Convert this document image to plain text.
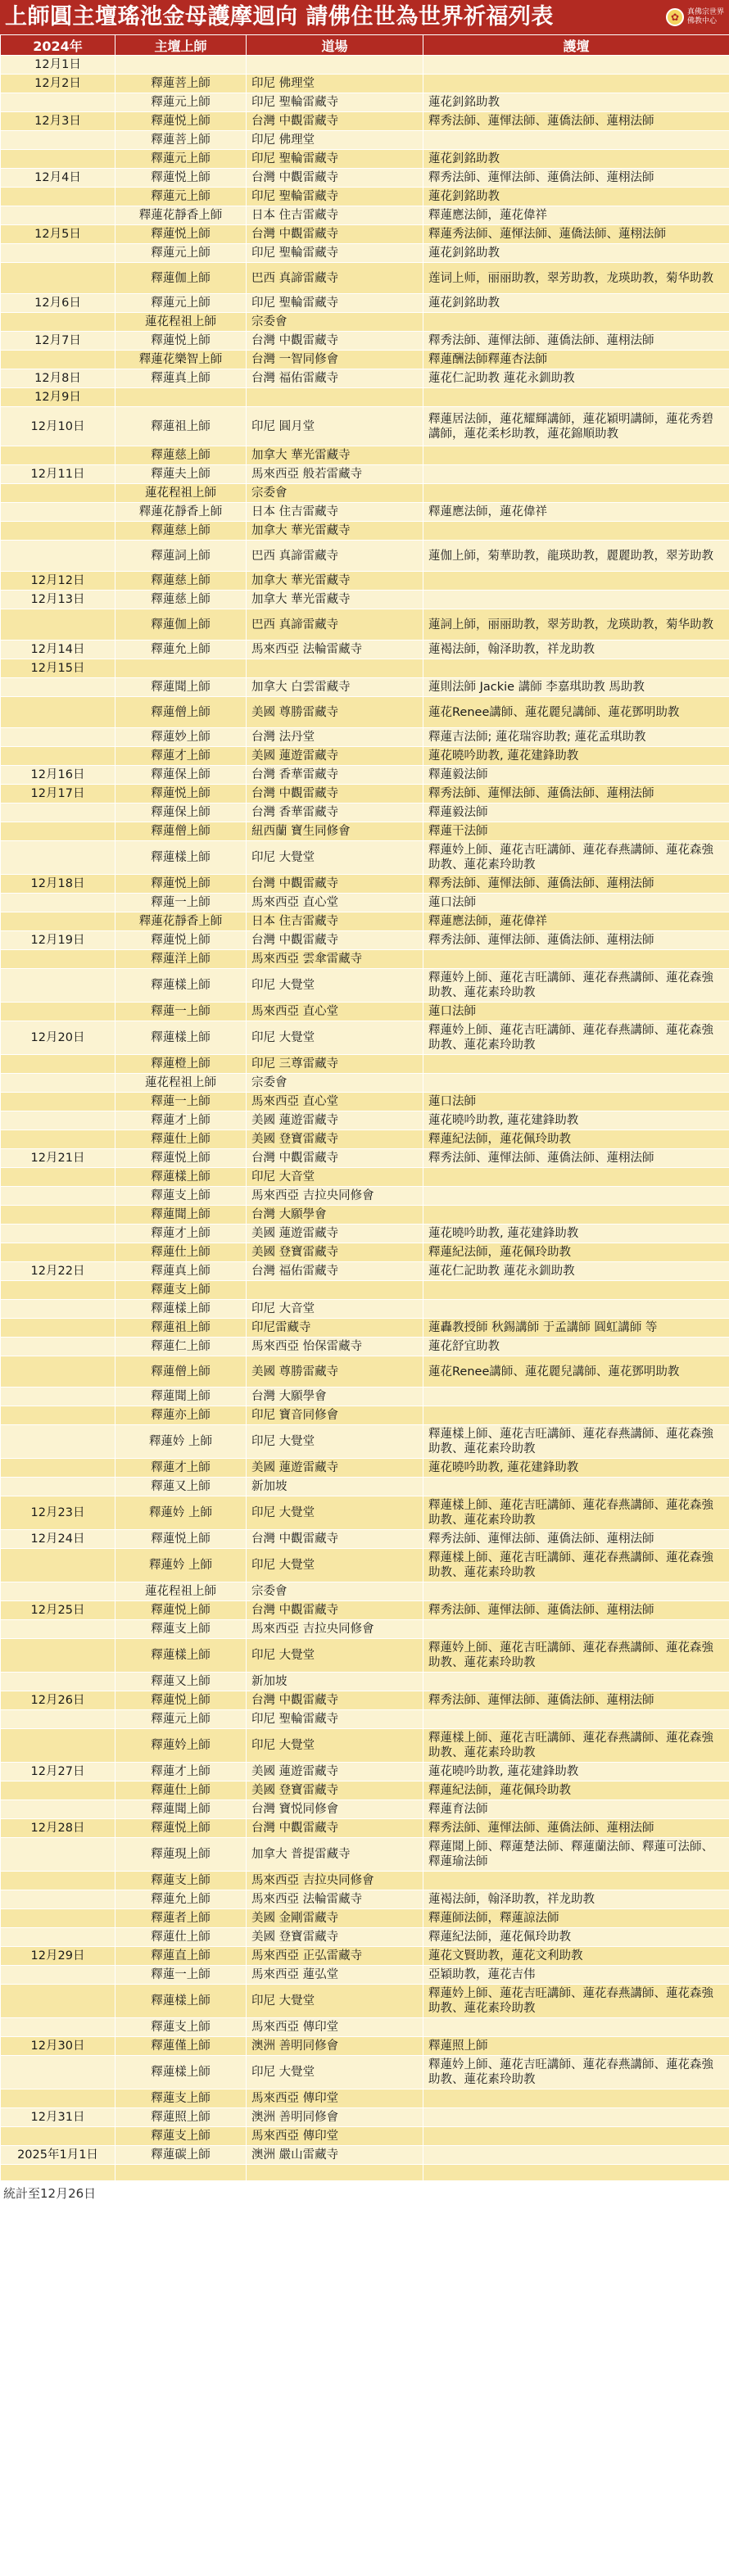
上師圓主壇瑤池金母護摩迴向 請佛住世為世界祈福列表	✿	真佛宗世界
佛教中心
2024年	主壇上師	道場	護壇
12月1日			
12月2日	釋蓮菩上師	印尼 佛理堂	
	釋蓮元上師	印尼 聖輪雷藏寺	蓮花釗銘助教
12月3日	釋蓮悦上師	台灣 中觀雷藏寺	釋秀法師、蓮惲法師、蓮僑法師、蓮栩法師
	釋蓮菩上師	印尼 佛理堂	
	釋蓮元上師	印尼 聖輪雷藏寺	蓮花釗銘助教
12月4日	釋蓮悦上師	台灣 中觀雷藏寺	釋秀法師、蓮惲法師、蓮僑法師、蓮栩法師
	釋蓮元上師	印尼 聖輪雷藏寺	蓮花釗銘助教
	釋蓮花靜香上師	日本 住吉雷藏寺	釋蓮應法師，蓮花偉祥
12月5日	釋蓮悦上師	台灣 中觀雷藏寺	釋蓮秀法師、蓮惲法師、蓮僑法師、蓮栩法師
	釋蓮元上師	印尼 聖輪雷藏寺	蓮花釗銘助教
	釋蓮伽上師	巴西 真諦雷藏寺	莲词上师，丽丽助教，翠芳助教，龙瑛助教，菊华助教
12月6日	釋蓮元上師	印尼 聖輪雷藏寺	蓮花釗銘助教
	蓮花程祖上師	宗委會	
12月7日	釋蓮悦上師	台灣 中觀雷藏寺	釋秀法師、蓮惲法師、蓮僑法師、蓮栩法師
	釋蓮花樂智上師	台灣 一智同修會	釋蓮酬法師釋蓮杏法師
12月8日	釋蓮真上師	台灣 福佑雷藏寺	蓮花仁記助教 蓮花永釧助教
12月9日			
12月10日	釋蓮祖上師	印尼 圓月堂	釋蓮居法師，蓮花耀輝講師，蓮花穎明講師，蓮花秀碧講師，蓮花柔杉助教，蓮花錦順助教
	釋蓮慈上師	加拿大 華光雷藏寺	
12月11日	釋蓮夫上師	馬來西亞 般若雷藏寺	
	蓮花程祖上師	宗委會	
	釋蓮花靜香上師	日本 住吉雷藏寺	釋蓮應法師，蓮花偉祥
	釋蓮慈上師	加拿大 華光雷藏寺	
	釋蓮詞上師	巴西 真諦雷藏寺	蓮伽上師，菊華助教，龍瑛助教，麗麗助教，翠芳助教
12月12日	釋蓮慈上師	加拿大 華光雷藏寺	
12月13日	釋蓮慈上師	加拿大 華光雷藏寺	
	釋蓮伽上師	巴西 真諦雷藏寺	蓮詞上師，丽丽助教，翠芳助教，龙瑛助教，菊华助教
12月14日	釋蓮允上師	馬來西亞 法輪雷藏寺	蓮褐法師，翰泽助教，祥龙助教
12月15日			
	釋蓮聞上師	加拿大 白雲雷藏寺	蓮則法師 Jackie 講師 李嘉琪助教 馬助教
	釋蓮僧上師	美國 尊勝雷藏寺	蓮花Renee講師、蓮花麗兒講師、蓮花鄧明助教
	釋蓮妙上師	台灣 法丹堂	釋蓮吉法師; 蓮花瑞容助教; 蓮花孟琪助教
	釋蓮才上師	美國 蓮遊雷藏寺	蓮花曉吟助教, 蓮花建鋒助教
12月16日	釋蓮保上師	台灣 香華雷藏寺	釋蓮毅法師
12月17日	釋蓮悦上師	台灣 中觀雷藏寺	釋秀法師、蓮惲法師、蓮僑法師、蓮栩法師
	釋蓮保上師	台灣 香華雷藏寺	釋蓮毅法師
	釋蓮僧上師	紐西蘭 寶生同修會	釋蓮干法師
	釋蓮樣上師	印尼 大覺堂	釋蓮妗上師、蓮花吉旺講師、蓮花春燕講師、蓮花森強助教、蓮花素玲助教
12月18日	釋蓮悦上師	台灣 中觀雷藏寺	釋秀法師、蓮惲法師、蓮僑法師、蓮栩法師
	釋蓮一上師	馬來西亞 直心堂	蓮口法師
	釋蓮花靜香上師	日本 住吉雷藏寺	釋蓮應法師，蓮花偉祥
12月19日	釋蓮悦上師	台灣 中觀雷藏寺	釋秀法師、蓮惲法師、蓮僑法師、蓮栩法師
	釋蓮洋上師	馬來西亞 雲傘雷藏寺	
	釋蓮樣上師	印尼 大覺堂	釋蓮妗上師、蓮花吉旺講師、蓮花春燕講師、蓮花森強助教、蓮花素玲助教
	釋蓮一上師	馬來西亞 直心堂	蓮口法師
12月20日	釋蓮樣上師	印尼 大覺堂	釋蓮妗上師、蓮花吉旺講師、蓮花春燕講師、蓮花森強助教、蓮花素玲助教
	釋蓮橙上師	印尼 三尊雷藏寺	
	蓮花程祖上師	宗委會	
	釋蓮一上師	馬來西亞 直心堂	蓮口法師
	釋蓮才上師	美國 蓮遊雷藏寺	蓮花曉吟助教, 蓮花建鋒助教
	釋蓮仕上師	美國 登寶雷藏寺	釋蓮紀法師，蓮花佩玲助教
12月21日	釋蓮悦上師	台灣 中觀雷藏寺	釋秀法師、蓮惲法師、蓮僑法師、蓮栩法師
	釋蓮樣上師	印尼 大音堂	
	釋蓮支上師	馬來西亞 吉拉央同修會	
	釋蓮聞上師	台灣 大願學會	
	釋蓮才上師	美國 蓮遊雷藏寺	蓮花曉吟助教, 蓮花建鋒助教
	釋蓮仕上師	美國 登寶雷藏寺	釋蓮紀法師，蓮花佩玲助教
12月22日	釋蓮真上師	台灣 福佑雷藏寺	蓮花仁記助教 蓮花永釧助教
	釋蓮支上師		
	釋蓮樣上師	印尼 大音堂	
	釋蓮祖上師	印尼雷藏寺	蓮轟教授師 秋錫講師 于孟講師 圓虹講師 等
	釋蓮仁上師	馬來西亞 怡保雷藏寺	蓮花舒宜助教
	釋蓮僧上師	美國 尊勝雷藏寺	蓮花Renee講師、蓮花麗兒講師、蓮花鄧明助教
	釋蓮聞上師	台灣 大願學會	
	釋蓮亦上師	印尼 寶音同修會	
	釋蓮妗 上師	印尼 大覺堂	釋蓮樣上師、蓮花吉旺講師、蓮花春燕講師、蓮花森強助教、蓮花素玲助教
	釋蓮才上師	美國 蓮遊雷藏寺	蓮花曉吟助教, 蓮花建鋒助教
	釋蓮又上師	新加坡	
12月23日	釋蓮妗 上師	印尼 大覺堂	釋蓮樣上師、蓮花吉旺講師、蓮花春燕講師、蓮花森強助教、蓮花素玲助教
12月24日	釋蓮悦上師	台灣 中觀雷藏寺	釋秀法師、蓮惲法師、蓮僑法師、蓮栩法師
	釋蓮妗 上師	印尼 大覺堂	釋蓮樣上師、蓮花吉旺講師、蓮花春燕講師、蓮花森強助教、蓮花素玲助教
	蓮花程祖上師	宗委會	
12月25日	釋蓮悦上師	台灣 中觀雷藏寺	釋秀法師、蓮惲法師、蓮僑法師、蓮栩法師
	釋蓮支上師	馬來西亞 吉拉央同修會	
	釋蓮樣上師	印尼 大覺堂	釋蓮妗上師、蓮花吉旺講師、蓮花春燕講師、蓮花森強助教、蓮花素玲助教
	釋蓮又上師	新加坡	
12月26日	釋蓮悦上師	台灣 中觀雷藏寺	釋秀法師、蓮惲法師、蓮僑法師、蓮栩法師
	釋蓮元上師	印尼 聖輪雷藏寺	
	釋蓮妗上師	印尼 大覺堂	釋蓮樣上師、蓮花吉旺講師、蓮花春燕講師、蓮花森強助教、蓮花素玲助教
12月27日	釋蓮才上師	美國 蓮遊雷藏寺	蓮花曉吟助教, 蓮花建鋒助教
	釋蓮仕上師	美國 登寶雷藏寺	釋蓮紀法師，蓮花佩玲助教
	釋蓮聞上師	台灣 寶悦同修會	釋蓮育法師
12月28日	釋蓮悦上師	台灣 中觀雷藏寺	釋秀法師、蓮惲法師、蓮僑法師、蓮栩法師
	釋蓮現上師	加拿大 普提雷藏寺	釋蓮聞上師、釋蓮楚法師、釋蓮蘭法師、釋蓮可法師、釋蓮瑜法師
	釋蓮支上師	馬來西亞 吉拉央同修會	
	釋蓮允上師	馬來西亞 法輪雷藏寺	蓮褐法師，翰泽助教，祥龙助教
	釋蓮者上師	美國 金剛雷藏寺	釋蓮師法師，釋蓮諒法師
	釋蓮仕上師	美國 登寶雷藏寺	釋蓮紀法師，蓮花佩玲助教
12月29日	釋蓮直上師	馬來西亞 正弘雷藏寺	蓮花文賢助教，蓮花文利助教
	釋蓮一上師	馬來西亞 蓮弘堂	亞穎助教，蓮花吉伟
	釋蓮樣上師	印尼 大覺堂	釋蓮妗上師、蓮花吉旺講師、蓮花春燕講師、蓮花森強助教、蓮花素玲助教
	釋蓮支上師	馬來西亞 傳印堂	
12月30日	釋蓮僅上師	澳洲 善明同修會	釋蓮照上師
	釋蓮樣上師	印尼 大覺堂	釋蓮妗上師、蓮花吉旺講師、蓮花春燕講師、蓮花森強助教、蓮花素玲助教
	釋蓮支上師	馬來西亞 傳印堂	
12月31日	釋蓮照上師	澳洲 善明同修會	
	釋蓮支上師	馬來西亞 傳印堂	
2025年1月1日	釋蓮碳上師	澳洲 嚴山雷藏寺	

統計至12月26日
